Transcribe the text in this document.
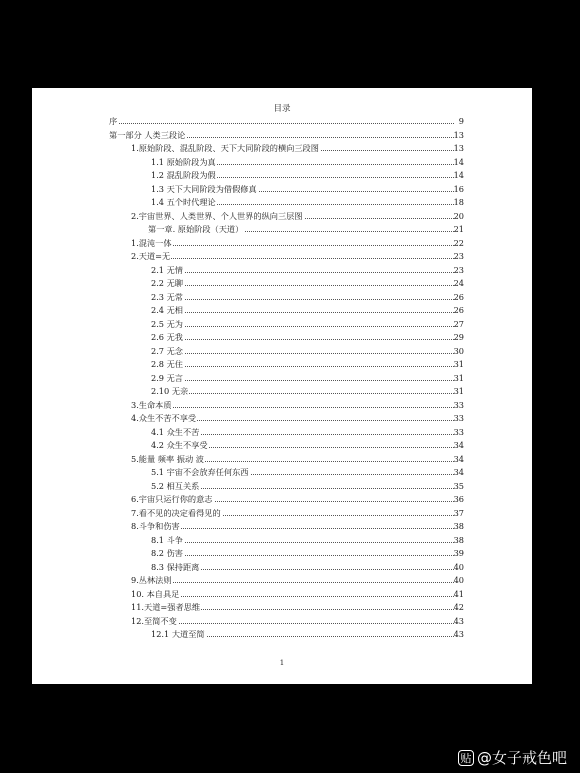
目录
序	9
第一部分 人类三段论	13
1.原始阶段、混乱阶段、天下大同阶段的横向三段图	13
1.1 原始阶段为真	14
1.2 混乱阶段为假	14
1.3 天下大同阶段为借假修真	16
1.4 五个时代理论	18
2.宇宙世界、人类世界、个人世界的纵向三层图	20
第一章. 原始阶段（天道）	21
1.混沌一体	22
2.天道=无	23
2.1 无情	23
2.2 无聊	24
2.3 无常	26
2.4 无相	26
2.5 无为	27
2.6 无我	29
2.7 无念	30
2.8 无住	31
2.9 无言	31
2.10 无亲	31
3.生命本质	33
4.众生不苦不享受	33
4.1 众生不苦	33
4.2 众生不享受	34
5.能量 频率 振动 波	34
5.1 宇宙不会放弃任何东西	34
5.2 相互关系	35
6.宇宙只运行你的意志	36
7.看不见的决定看得见的	37
8.斗争和伤害	38
8.1 斗争	38
8.2 伤害	39
8.3 保持距离	40
9.丛林法则	40
10. 本自具足	41
11.天道=强者思维	42
12.至简不变	43
12.1 大道至简	43
1
贴 @女子戒色吧
